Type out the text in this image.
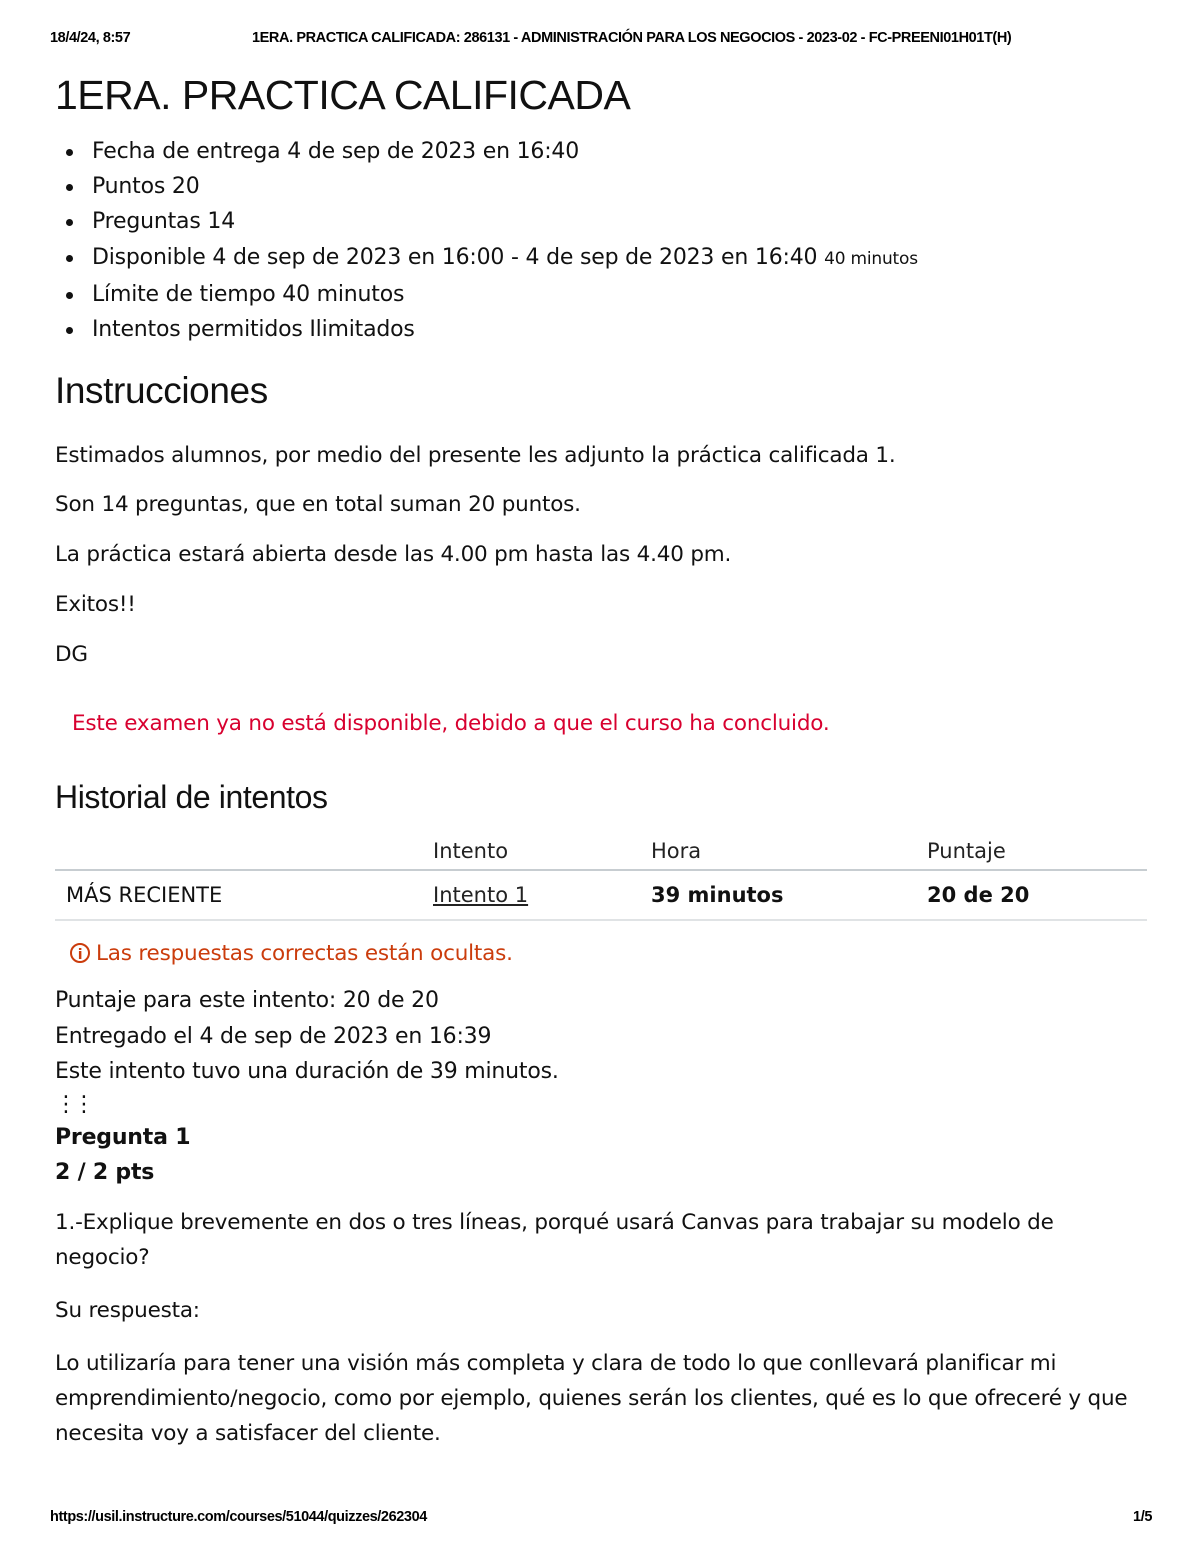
18/4/24, 8:57	1ERA. PRACTICA CALIFICADA: 286131 - ADMINISTRACIÓN PARA LOS NEGOCIOS - 2023-02 - FC-PREENI01H01T(H)
1ERA. PRACTICA CALIFICADA
Fecha de entrega 4 de sep de 2023 en 16:40
Puntos 20
Preguntas 14
Disponible 4 de sep de 2023 en 16:00 - 4 de sep de 2023 en 16:40 40 minutos
Límite de tiempo 40 minutos
Intentos permitidos Ilimitados
Instrucciones

Estimados alumnos, por medio del presente les adjunto la práctica calificada 1.

Son 14 preguntas, que en total suman 20 puntos.

La práctica estará abierta desde las 4.00 pm hasta las 4.40 pm.

Exitos!!

DG

Este examen ya no está disponible, debido a que el curso ha concluido.
Historial de intentos
	Intento	Hora	Puntaje
MÁS RECIENTE	Intento 1	39 minutos	20 de 20
i Las respuestas correctas están ocultas.

Puntaje para este intento: 20 de 20

Entregado el 4 de sep de 2023 en 16:39

Este intento tuvo una duración de 39 minutos.

⋮⋮
Pregunta 1
2 / 2 pts

1.-Explique brevemente en dos o tres líneas, porqué usará Canvas para trabajar su modelo de negocio?

Su respuesta:

Lo utilizaría para tener una visión más completa y clara de todo lo que conllevará planificar mi emprendimiento/negocio, como por ejemplo, quienes serán los clientes, qué es lo que ofreceré y que necesita voy a satisfacer del cliente.

https://usil.instructure.com/courses/51044/quizzes/262304	1/5
